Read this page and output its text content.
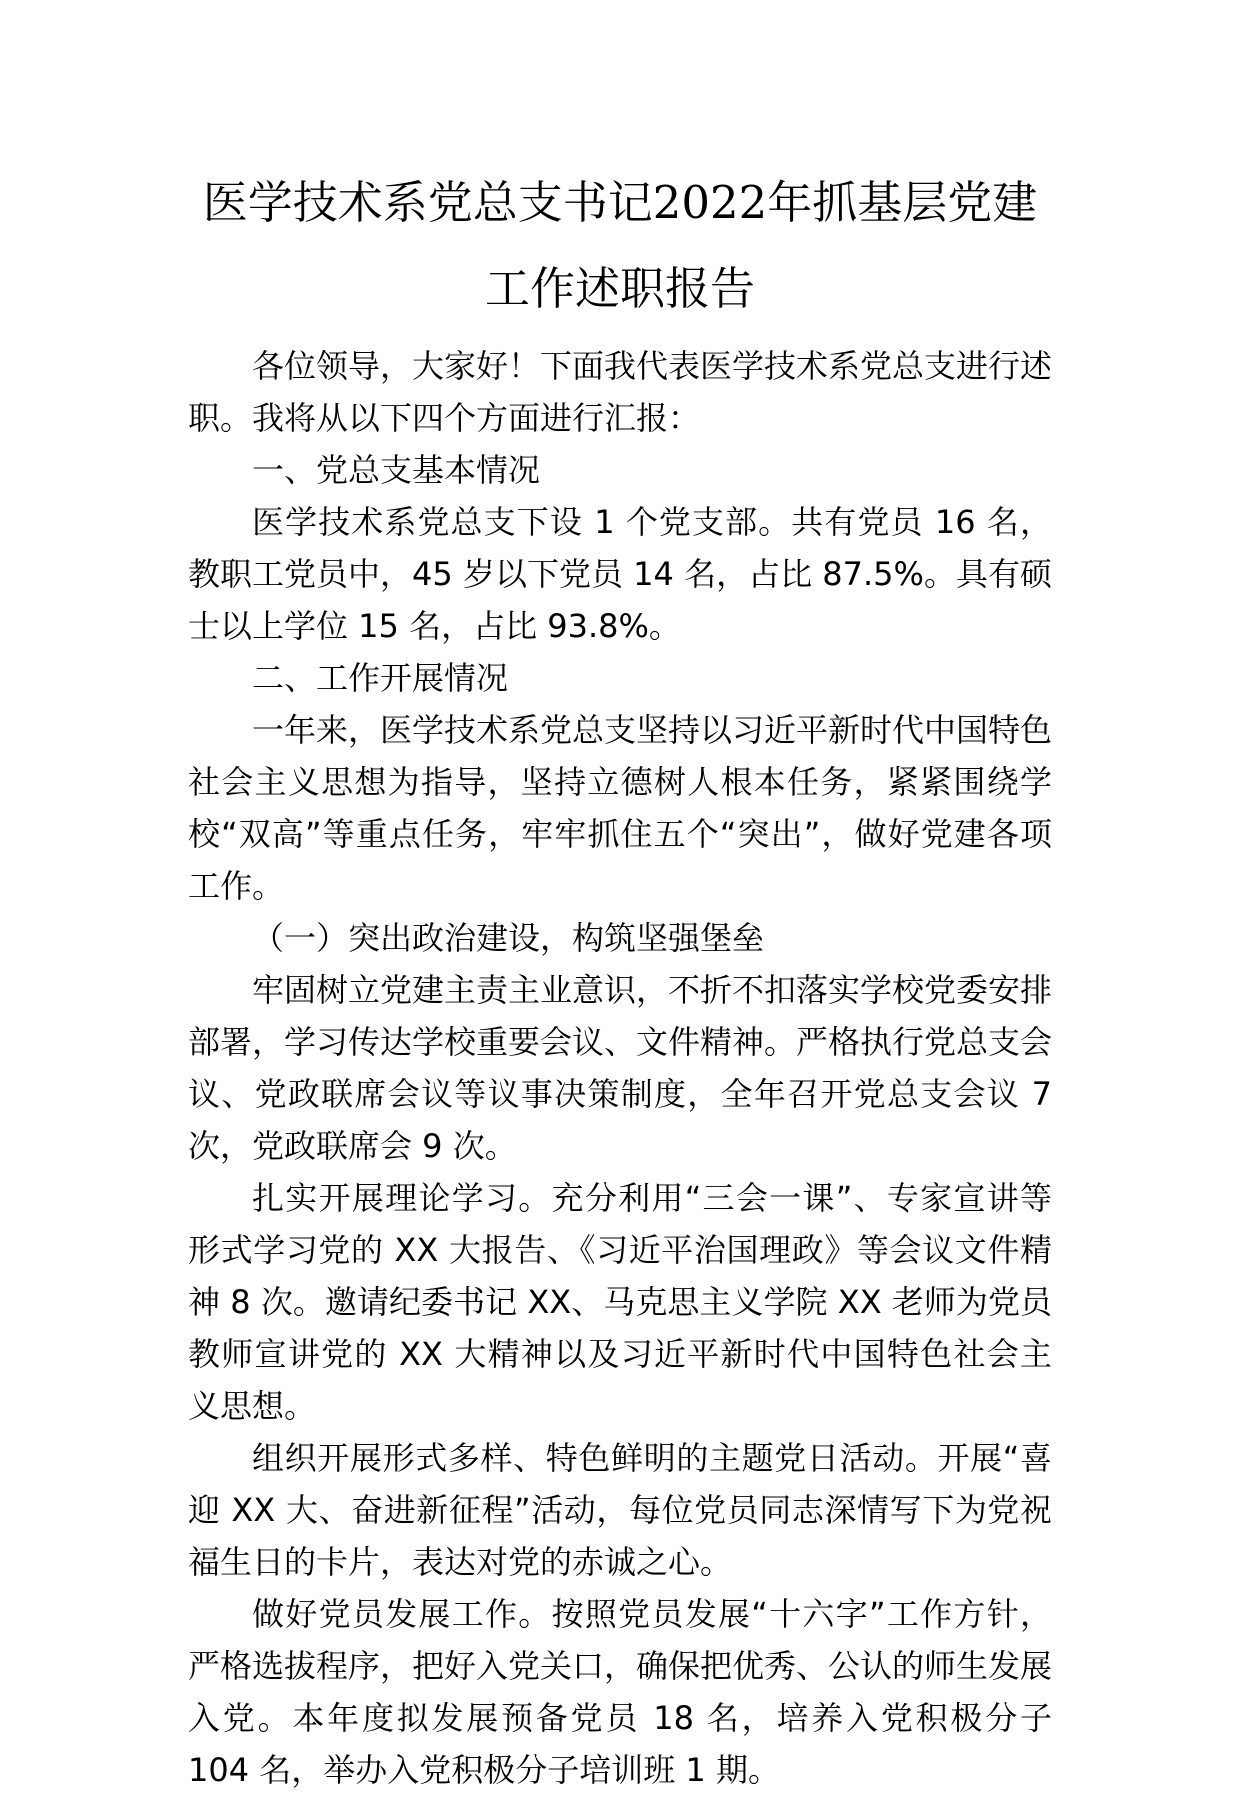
医学技术系党总支书记2022年抓基层党建
工作述职报告

各位领导，大家好！下面我代表医学技术系党总支进行述职。我将从以下四个方面进行汇报：

一、党总支基本情况

医学技术系党总支下设 1 个党支部。共有党员 16 名，教职工党员中，45 岁以下党员 14 名，占比 87.5%。具有硕士以上学位 15 名，占比 93.8%。

二、工作开展情况

一年来，医学技术系党总支坚持以习近平新时代中国特色社会主义思想为指导，坚持立德树人根本任务，紧紧围绕学校“双高”等重点任务，牢牢抓住五个“突出”，做好党建各项工作。

（一）突出政治建设，构筑坚强堡垒

牢固树立党建主责主业意识，不折不扣落实学校党委安排部署，学习传达学校重要会议、文件精神。严格执行党总支会议、党政联席会议等议事决策制度，全年召开党总支会议 7 次，党政联席会 9 次。

扎实开展理论学习。充分利用“三会一课”、专家宣讲等形式学习党的 XX 大报告、《习近平治国理政》等会议文件精神 8 次。邀请纪委书记 XX、马克思主义学院 XX 老师为党员教师宣讲党的 XX 大精神以及习近平新时代中国特色社会主义思想。

组织开展形式多样、特色鲜明的主题党日活动。开展“喜迎 XX 大、奋进新征程”活动，每位党员同志深情写下为党祝福生日的卡片，表达对党的赤诚之心。

做好党员发展工作。按照党员发展“十六字”工作方针，严格选拔程序，把好入党关口，确保把优秀、公认的师生发展入党。本年度拟发展预备党员 18 名，培养入党积极分子 104 名，举办入党积极分子培训班 1 期。
